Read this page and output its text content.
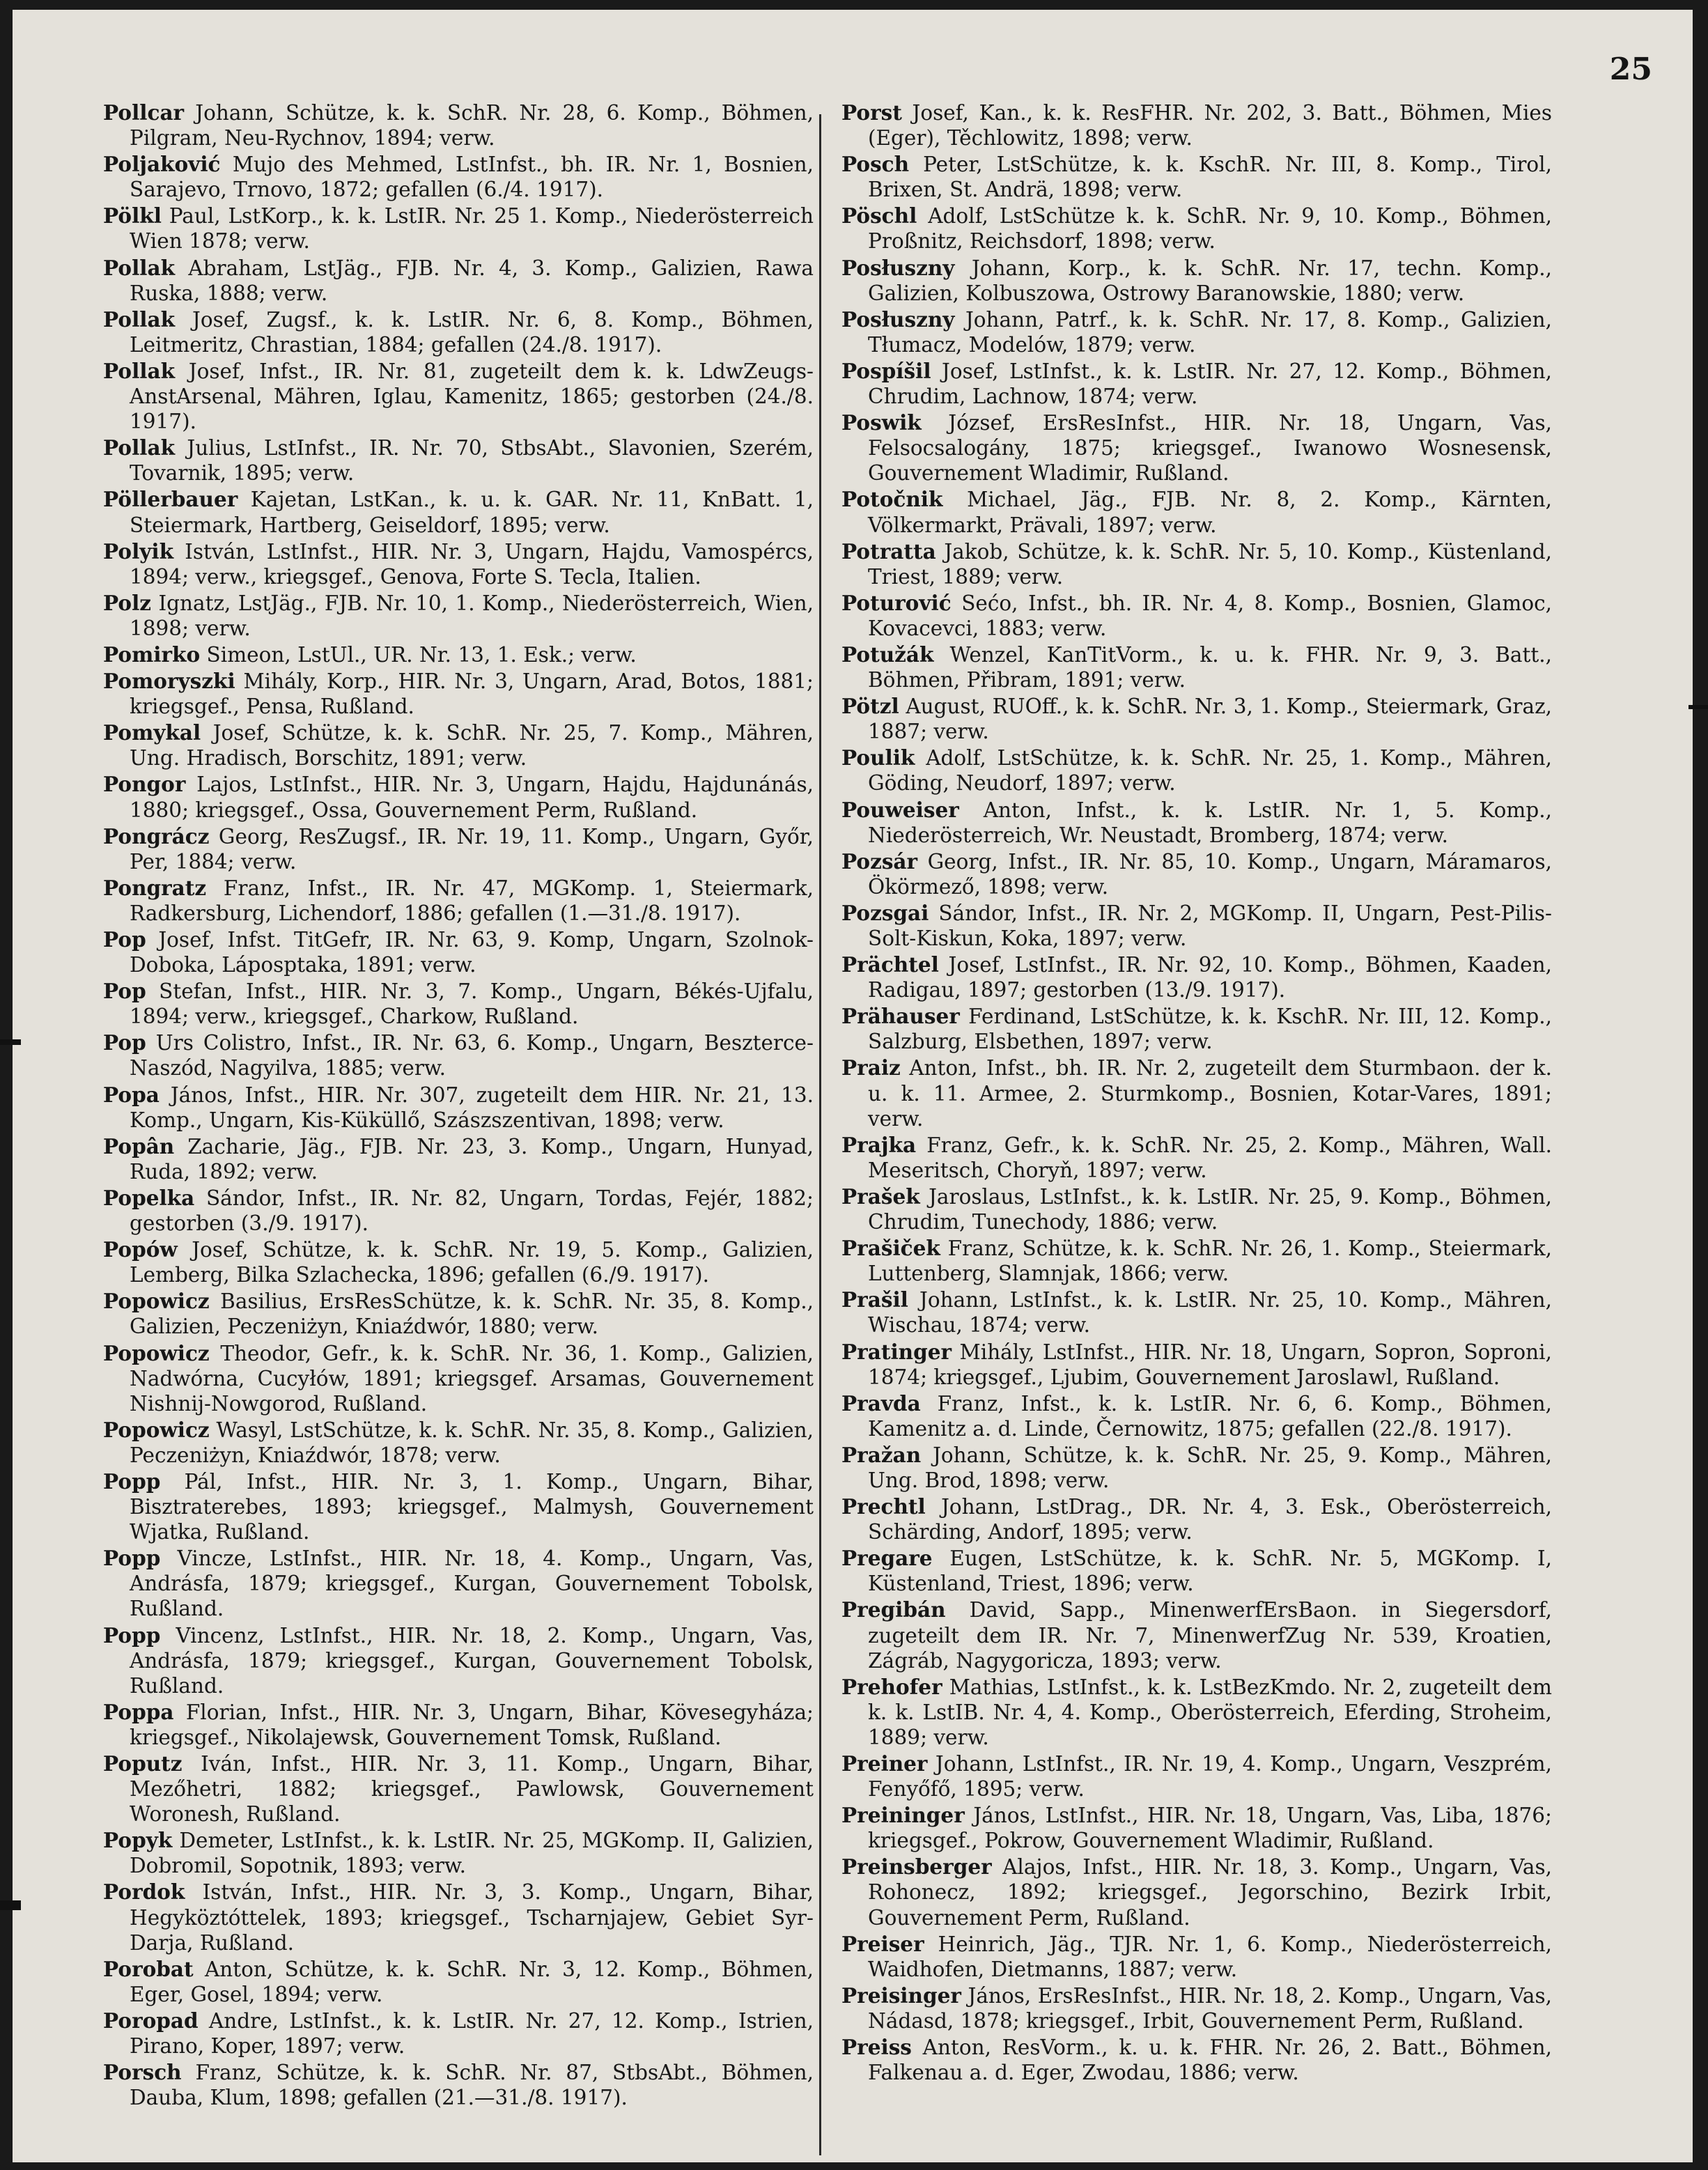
25

Pollcar Johann, Schütze, k. k. SchR. Nr. 28, 6. Komp., Böhmen, Pilgram, Neu-Rychnov, 1894; verw.

Poljaković Mujo des Mehmed, LstInfst., bh. IR. Nr. 1, Bosnien, Sarajevo, Trnovo, 1872; gefallen (6./4. 1917).

Pölkl Paul, LstKorp., k. k. LstIR. Nr. 25 1. Komp., Niederösterreich Wien 1878; verw.

Pollak Abraham, LstJäg., FJB. Nr. 4, 3. Komp., Galizien, Rawa Ruska, 1888; verw.

Pollak Josef, Zugsf., k. k. LstIR. Nr. 6, 8. Komp., Böhmen, Leitmeritz, Chrastian, 1884; gefallen (24./8. 1917).

Pollak Josef, Infst., IR. Nr. 81, zugeteilt dem k. k. LdwZeugs-AnstArsenal, Mähren, Iglau, Kamenitz, 1865; gestorben (24./8. 1917).

Pollak Julius, LstInfst., IR. Nr. 70, StbsAbt., Slavonien, Szerém, Tovarnik, 1895; verw.

Pöllerbauer Kajetan, LstKan., k. u. k. GAR. Nr. 11, KnBatt. 1, Steiermark, Hartberg, Geiseldorf, 1895; verw.

Polyik István, LstInfst., HIR. Nr. 3, Ungarn, Hajdu, Vamospércs, 1894; verw., kriegsgef., Genova, Forte S. Tecla, Italien.

Polz Ignatz, LstJäg., FJB. Nr. 10, 1. Komp., Niederösterreich, Wien, 1898; verw.

Pomirko Simeon, LstUl., UR. Nr. 13, 1. Esk.; verw.

Pomoryszki Mihály, Korp., HIR. Nr. 3, Ungarn, Arad, Botos, 1881; kriegsgef., Pensa, Rußland.

Pomykal Josef, Schütze, k. k. SchR. Nr. 25, 7. Komp., Mähren, Ung. Hradisch, Borschitz, 1891; verw.

Pongor Lajos, LstInfst., HIR. Nr. 3, Ungarn, Hajdu, Hajdunánás, 1880; kriegsgef., Ossa, Gouvernement Perm, Rußland.

Pongrácz Georg, ResZugsf., IR. Nr. 19, 11. Komp., Ungarn, Győr, Per, 1884; verw.

Pongratz Franz, Infst., IR. Nr. 47, MGKomp. 1, Steiermark, Radkersburg, Lichendorf, 1886; gefallen (1.—31./8. 1917).

Pop Josef, Infst. TitGefr, IR. Nr. 63, 9. Komp, Ungarn, Szolnok-Doboka, Láposptaka, 1891; verw.

Pop Stefan, Infst., HIR. Nr. 3, 7. Komp., Ungarn, Békés-Ujfalu, 1894; verw., kriegsgef., Charkow, Rußland.

Pop Urs Colistro, Infst., IR. Nr. 63, 6. Komp., Ungarn, Beszterce-Naszód, Nagyilva, 1885; verw.

Popa János, Infst., HIR. Nr. 307, zugeteilt dem HIR. Nr. 21, 13. Komp., Ungarn, Kis-Küküllő, Szászszentivan, 1898; verw.

Popân Zacharie, Jäg., FJB. Nr. 23, 3. Komp., Ungarn, Hunyad, Ruda, 1892; verw.

Popelka Sándor, Infst., IR. Nr. 82, Ungarn, Tordas, Fejér, 1882; gestorben (3./9. 1917).

Popów Josef, Schütze, k. k. SchR. Nr. 19, 5. Komp., Galizien, Lemberg, Bilka Szlachecka, 1896; gefallen (6./9. 1917).

Popowicz Basilius, ErsResSchütze, k. k. SchR. Nr. 35, 8. Komp., Galizien, Peczeniżyn, Kniaźdwór, 1880; verw.

Popowicz Theodor, Gefr., k. k. SchR. Nr. 36, 1. Komp., Galizien, Nadwórna, Cucyłów, 1891; kriegsgef. Arsamas, Gouvernement Nishnij-Nowgorod, Rußland.

Popowicz Wasyl, LstSchütze, k. k. SchR. Nr. 35, 8. Komp., Galizien, Peczeniżyn, Kniaźdwór, 1878; verw.

Popp Pál, Infst., HIR. Nr. 3, 1. Komp., Ungarn, Bihar, Bisztraterebes, 1893; kriegsgef., Malmysh, Gouvernement Wjatka, Rußland.

Popp Vincze, LstInfst., HIR. Nr. 18, 4. Komp., Ungarn, Vas, Andrásfa, 1879; kriegsgef., Kurgan, Gouvernement Tobolsk, Rußland.

Popp Vincenz, LstInfst., HIR. Nr. 18, 2. Komp., Ungarn, Vas, Andrásfa, 1879; kriegsgef., Kurgan, Gouvernement Tobolsk, Rußland.

Poppa Florian, Infst., HIR. Nr. 3, Ungarn, Bihar, Kövesegyháza; kriegsgef., Nikolajewsk, Gouvernement Tomsk, Rußland.

Poputz Iván, Infst., HIR. Nr. 3, 11. Komp., Ungarn, Bihar, Mezőhetri, 1882; kriegsgef., Pawlowsk, Gouvernement Woronesh, Rußland.

Popyk Demeter, LstInfst., k. k. LstIR. Nr. 25, MGKomp. II, Galizien, Dobromil, Sopotnik, 1893; verw.

Pordok István, Infst., HIR. Nr. 3, 3. Komp., Ungarn, Bihar, Hegyköztóttelek, 1893; kriegsgef., Tscharnjajew, Gebiet Syr-Darja, Rußland.

Porobat Anton, Schütze, k. k. SchR. Nr. 3, 12. Komp., Böhmen, Eger, Gosel, 1894; verw.

Poropad Andre, LstInfst., k. k. LstIR. Nr. 27, 12. Komp., Istrien, Pirano, Koper, 1897; verw.

Porsch Franz, Schütze, k. k. SchR. Nr. 87, StbsAbt., Böhmen, Dauba, Klum, 1898; gefallen (21.—31./8. 1917).

Porst Josef, Kan., k. k. ResFHR. Nr. 202, 3. Batt., Böhmen, Mies (Eger), Těchlowitz, 1898; verw.

Posch Peter, LstSchütze, k. k. KschR. Nr. III, 8. Komp., Tirol, Brixen, St. Andrä, 1898; verw.

Pöschl Adolf, LstSchütze k. k. SchR. Nr. 9, 10. Komp., Böhmen, Proßnitz, Reichsdorf, 1898; verw.

Posłuszny Johann, Korp., k. k. SchR. Nr. 17, techn. Komp., Galizien, Kolbuszowa, Ostrowy Baranowskie, 1880; verw.

Posłuszny Johann, Patrf., k. k. SchR. Nr. 17, 8. Komp., Galizien, Tłumacz, Modelów, 1879; verw.

Pospíšil Josef, LstInfst., k. k. LstIR. Nr. 27, 12. Komp., Böhmen, Chrudim, Lachnow, 1874; verw.

Poswik József, ErsResInfst., HIR. Nr. 18, Ungarn, Vas, Felsocsalogány, 1875; kriegsgef., Iwanowo Wosnesensk, Gouvernement Wladimir, Rußland.

Potočnik Michael, Jäg., FJB. Nr. 8, 2. Komp., Kärnten, Völkermarkt, Prävali, 1897; verw.

Potratta Jakob, Schütze, k. k. SchR. Nr. 5, 10. Komp., Küstenland, Triest, 1889; verw.

Poturović Sećo, Infst., bh. IR. Nr. 4, 8. Komp., Bosnien, Glamoc, Kovacevci, 1883; verw.

Potužák Wenzel, KanTitVorm., k. u. k. FHR. Nr. 9, 3. Batt., Böhmen, Přibram, 1891; verw.

Pötzl August, RUOff., k. k. SchR. Nr. 3, 1. Komp., Steiermark, Graz, 1887; verw.

Poulik Adolf, LstSchütze, k. k. SchR. Nr. 25, 1. Komp., Mähren, Göding, Neudorf, 1897; verw.

Pouweiser Anton, Infst., k. k. LstIR. Nr. 1, 5. Komp., Niederösterreich, Wr. Neustadt, Bromberg, 1874; verw.

Pozsár Georg, Infst., IR. Nr. 85, 10. Komp., Ungarn, Máramaros, Ökörmező, 1898; verw.

Pozsgai Sándor, Infst., IR. Nr. 2, MGKomp. II, Ungarn, Pest-Pilis-Solt-Kiskun, Koka, 1897; verw.

Prächtel Josef, LstInfst., IR. Nr. 92, 10. Komp., Böhmen, Kaaden, Radigau, 1897; gestorben (13./9. 1917).

Prähauser Ferdinand, LstSchütze, k. k. KschR. Nr. III, 12. Komp., Salzburg, Elsbethen, 1897; verw.

Praiz Anton, Infst., bh. IR. Nr. 2, zugeteilt dem Sturmbaon. der k. u. k. 11. Armee, 2. Sturmkomp., Bosnien, Kotar-Vares, 1891; verw.

Prajka Franz, Gefr., k. k. SchR. Nr. 25, 2. Komp., Mähren, Wall. Meseritsch, Choryň, 1897; verw.

Prašek Jaroslaus, LstInfst., k. k. LstIR. Nr. 25, 9. Komp., Böhmen, Chrudim, Tunechody, 1886; verw.

Prašiček Franz, Schütze, k. k. SchR. Nr. 26, 1. Komp., Steiermark, Luttenberg, Slamnjak, 1866; verw.

Prašil Johann, LstInfst., k. k. LstIR. Nr. 25, 10. Komp., Mähren, Wischau, 1874; verw.

Pratinger Mihály, LstInfst., HIR. Nr. 18, Ungarn, Sopron, Soproni, 1874; kriegsgef., Ljubim, Gouvernement Jaroslawl, Rußland.

Pravda Franz, Infst., k. k. LstIR. Nr. 6, 6. Komp., Böhmen, Kamenitz a. d. Linde, Černowitz, 1875; gefallen (22./8. 1917).

Pražan Johann, Schütze, k. k. SchR. Nr. 25, 9. Komp., Mähren, Ung. Brod, 1898; verw.

Prechtl Johann, LstDrag., DR. Nr. 4, 3. Esk., Oberösterreich, Schärding, Andorf, 1895; verw.

Pregare Eugen, LstSchütze, k. k. SchR. Nr. 5, MGKomp. I, Küstenland, Triest, 1896; verw.

Pregibán David, Sapp., MinenwerfErsBaon. in Siegersdorf, zugeteilt dem IR. Nr. 7, MinenwerfZug Nr. 539, Kroatien, Zágráb, Nagygoricza, 1893; verw.

Prehofer Mathias, LstInfst., k. k. LstBezKmdo. Nr. 2, zugeteilt dem k. k. LstIB. Nr. 4, 4. Komp., Oberösterreich, Eferding, Stroheim, 1889; verw.

Preiner Johann, LstInfst., IR. Nr. 19, 4. Komp., Ungarn, Veszprém, Fenyőfő, 1895; verw.

Preininger János, LstInfst., HIR. Nr. 18, Ungarn, Vas, Liba, 1876; kriegsgef., Pokrow, Gouvernement Wladimir, Rußland.

Preinsberger Alajos, Infst., HIR. Nr. 18, 3. Komp., Ungarn, Vas, Rohonecz, 1892; kriegsgef., Jegorschino, Bezirk Irbit, Gouvernement Perm, Rußland.

Preiser Heinrich, Jäg., TJR. Nr. 1, 6. Komp., Niederösterreich, Waidhofen, Dietmanns, 1887; verw.

Preisinger János, ErsResInfst., HIR. Nr. 18, 2. Komp., Ungarn, Vas, Nádasd, 1878; kriegsgef., Irbit, Gouvernement Perm, Rußland.

Preiss Anton, ResVorm., k. u. k. FHR. Nr. 26, 2. Batt., Böhmen, Falkenau a. d. Eger, Zwodau, 1886; verw.
